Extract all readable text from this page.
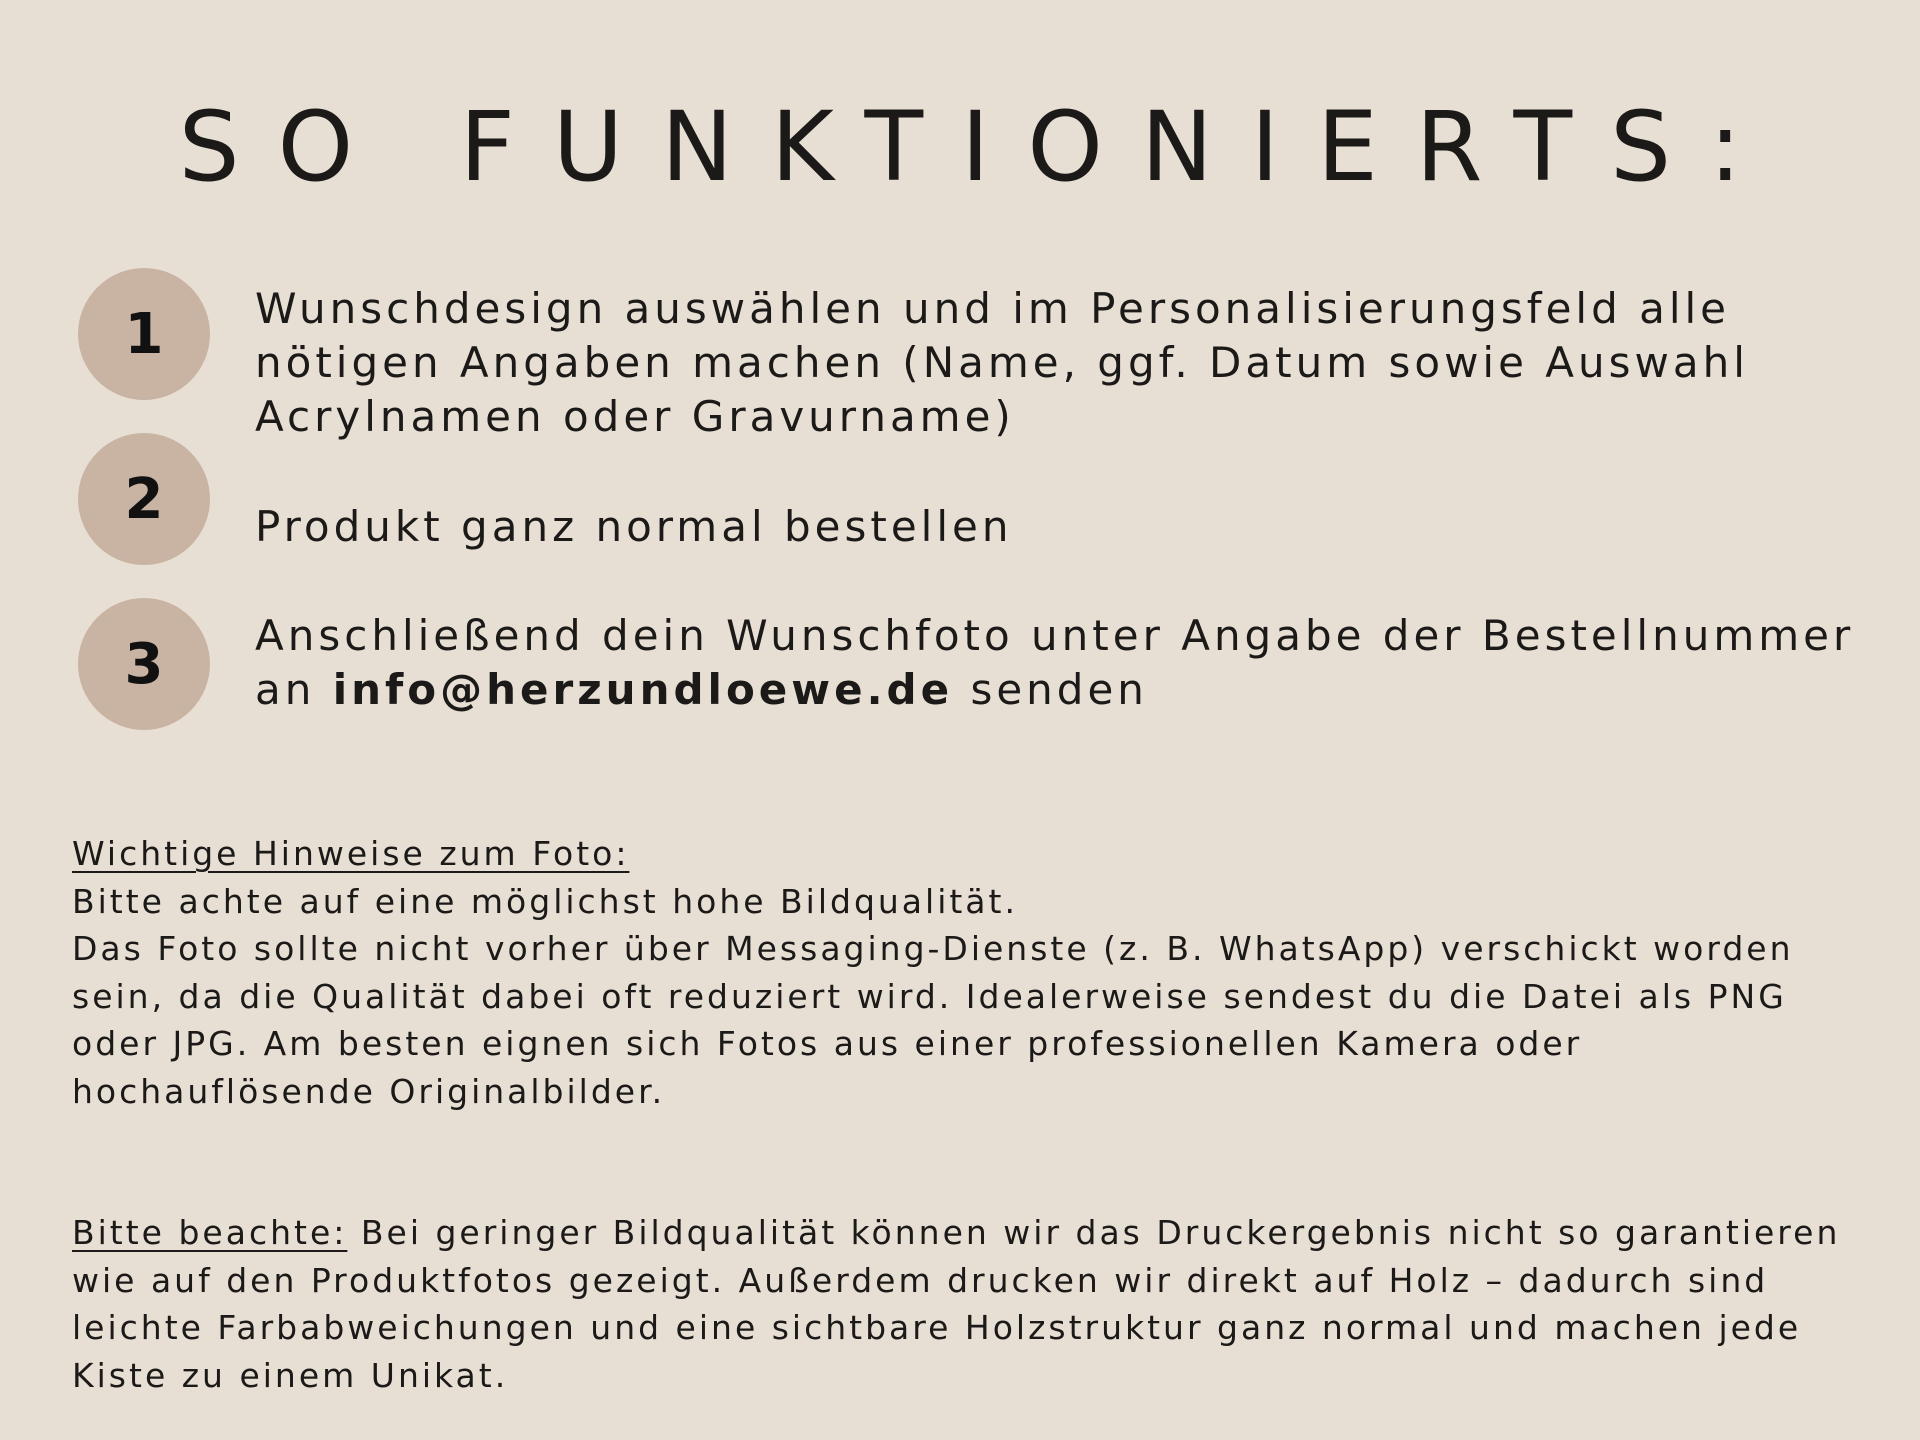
SO FUNKTIONIERTS:
1	Wunschdesign auswählen und im Personalisierungsfeld alle nötigen Angaben machen (Name, ggf. Datum sowie Auswahl Acrylnamen oder Gravurname)

2	Produkt ganz normal bestellen

3	Anschließend dein Wunschfoto unter Angabe der Bestellnummer an info@herzundloewe.de senden

Wichtige Hinweise zum Foto:
Bitte achte auf eine möglichst hohe Bildqualität.
Das Foto sollte nicht vorher über Messaging-Dienste (z. B. WhatsApp) verschickt worden sein, da die Qualität dabei oft reduziert wird. Idealerweise sendest du die Datei als PNG oder JPG. Am besten eignen sich Fotos aus einer professionellen Kamera oder hochauflösende Originalbilder.
Bitte beachte: Bei geringer Bildqualität können wir das Druckergebnis nicht so garantieren wie auf den Produktfotos gezeigt. Außerdem drucken wir direkt auf Holz – dadurch sind leichte Farbabweichungen und eine sichtbare Holzstruktur ganz normal und machen jede Kiste zu einem Unikat.
